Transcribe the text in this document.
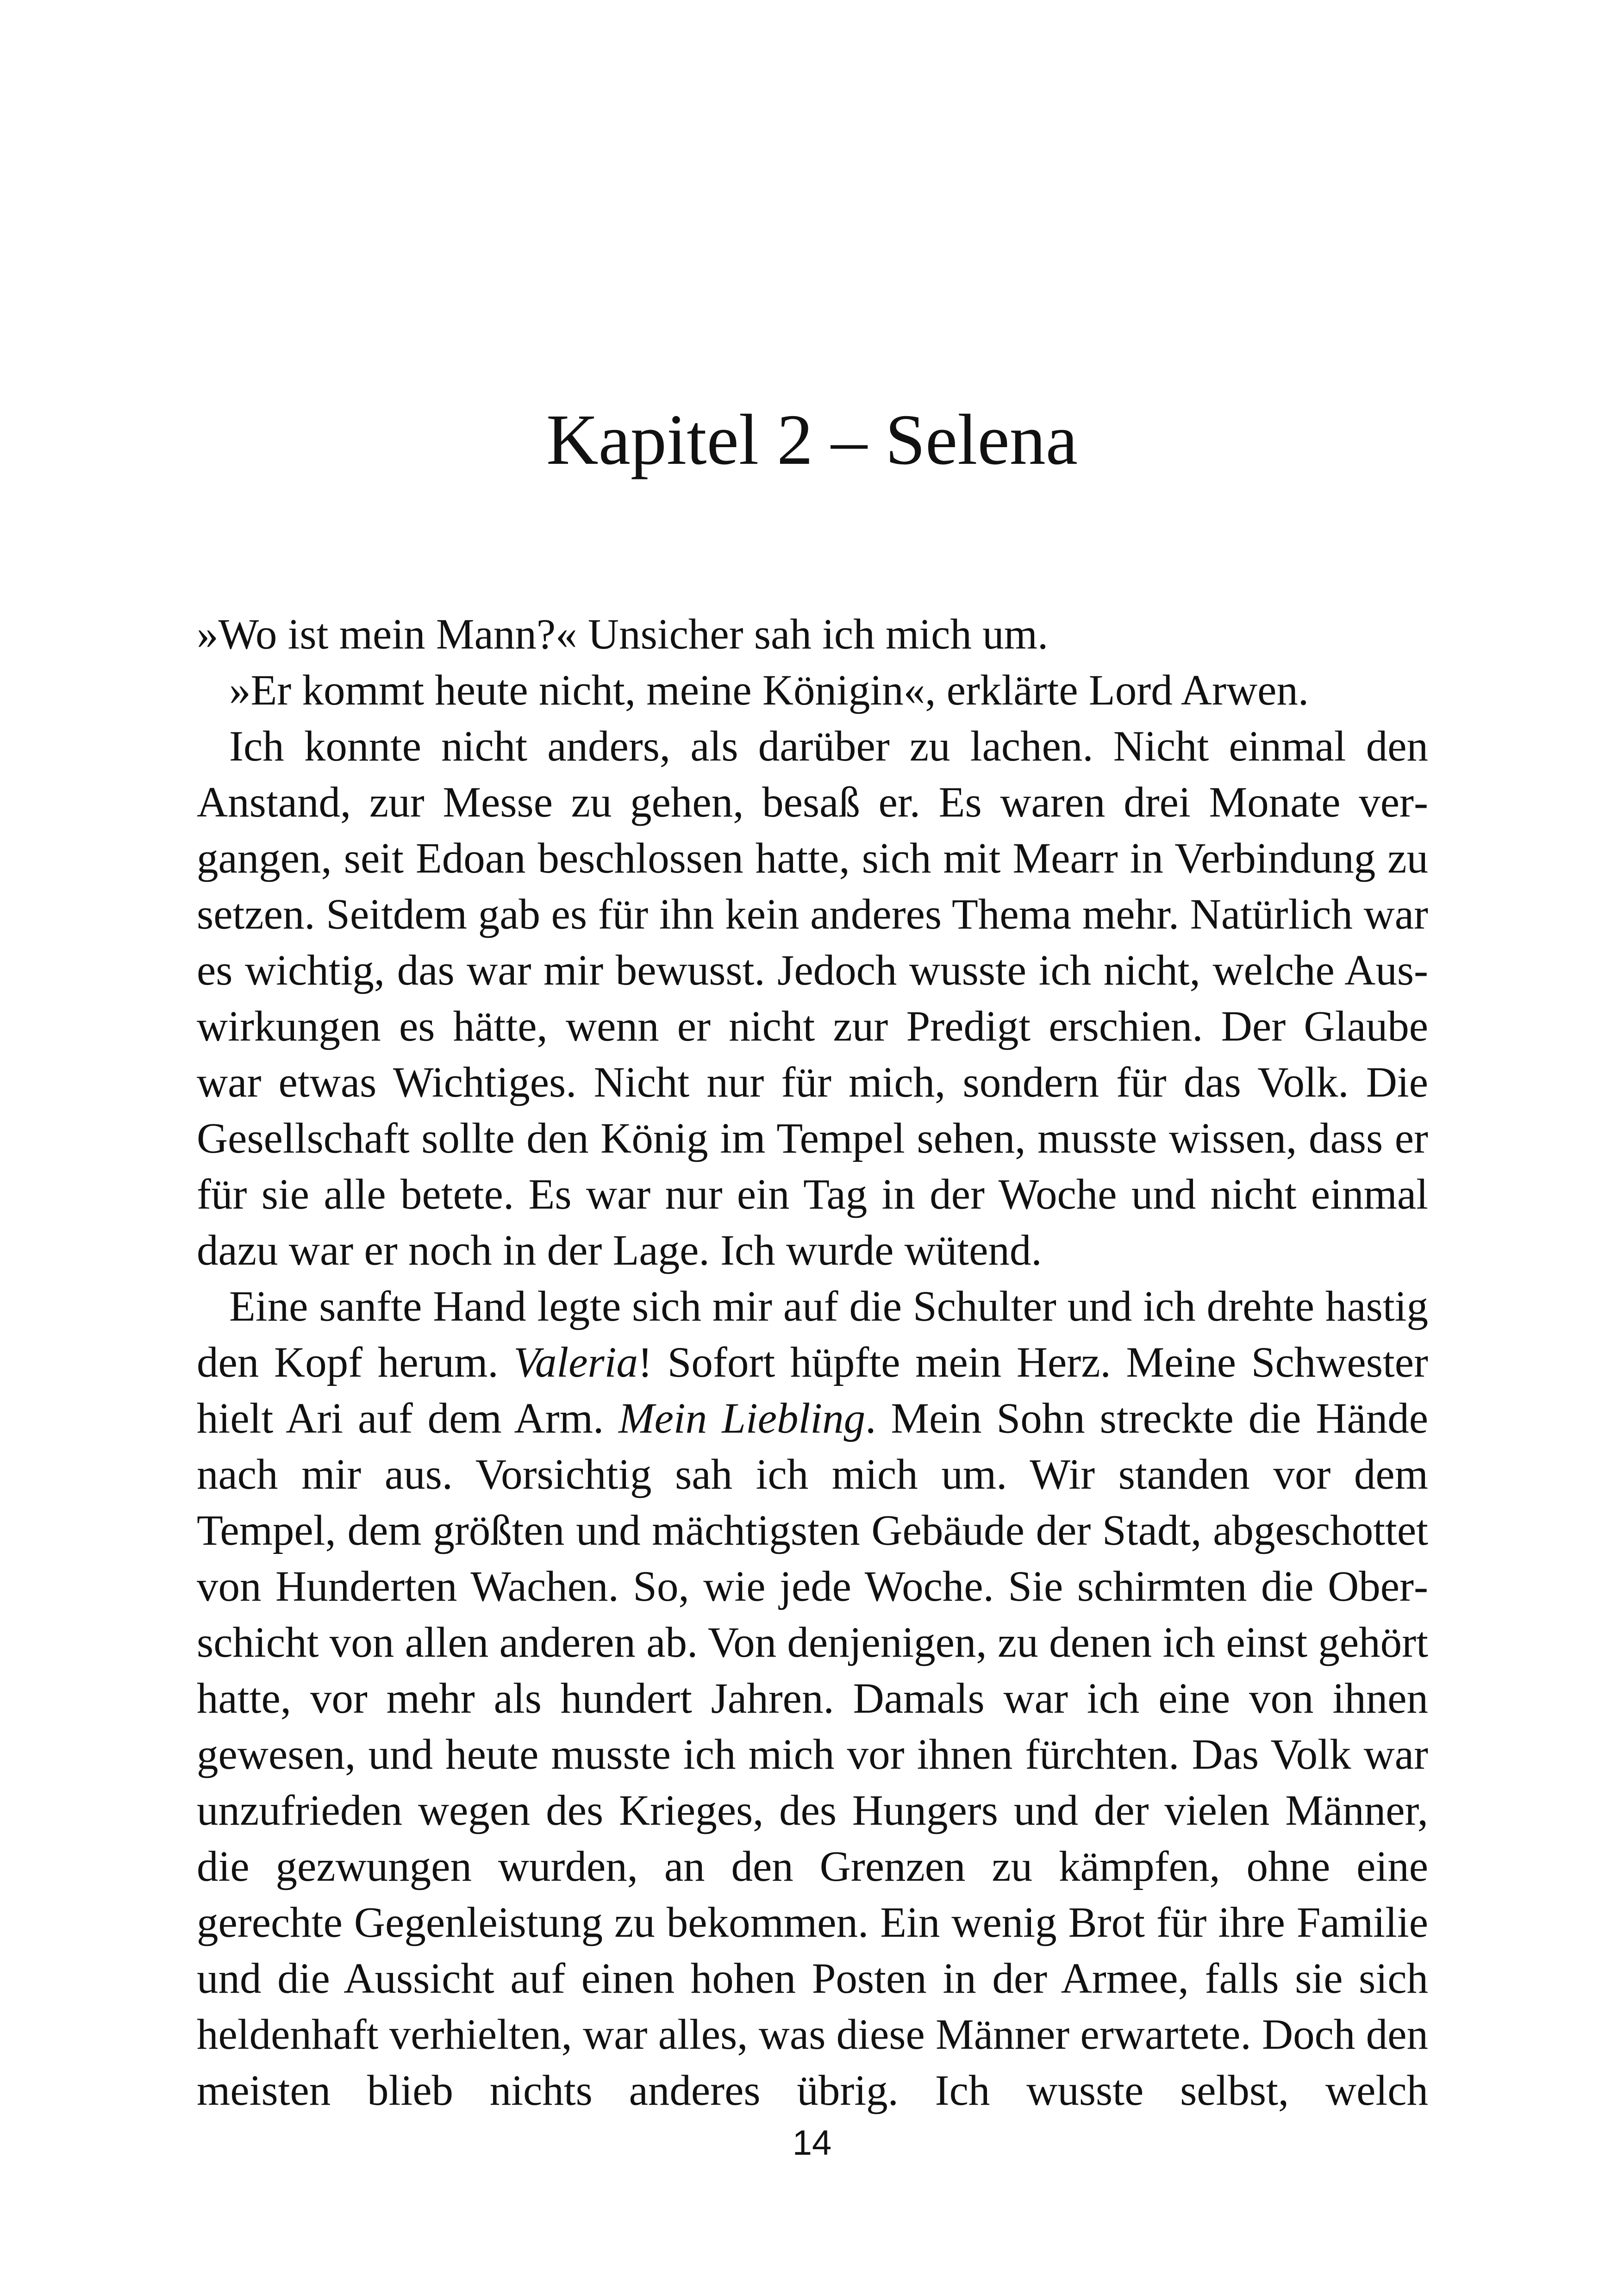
Kapitel 2 – Selena

»Wo ist mein Mann?« Unsicher sah ich mich um.

»Er kommt heute nicht, meine Königin«, erklärte Lord Arwen.

Ich konnte nicht anders, als darüber zu lachen. Nicht einmal den Anstand, zur Messe zu gehen, besaß er. Es waren drei Monate vergangen, seit Edoan beschlossen hatte, sich mit Mearr in Verbindung zu setzen. Seitdem gab es für ihn kein anderes Thema mehr. Natürlich war es wichtig, das war mir bewusst. Jedoch wusste ich nicht, welche Auswirkungen es hätte, wenn er nicht zur Predigt erschien. Der Glaube war etwas Wichtiges. Nicht nur für mich, sondern für das Volk. Die Gesellschaft sollte den König im Tempel sehen, musste wissen, dass er für sie alle betete. Es war nur ein Tag in der Woche und nicht einmal dazu war er noch in der Lage. Ich wurde wütend.

Eine sanfte Hand legte sich mir auf die Schulter und ich drehte hastig den Kopf herum. Valeria! Sofort hüpfte mein Herz. Meine Schwester hielt Ari auf dem Arm. Mein Liebling. Mein Sohn streckte die Hände nach mir aus. Vorsichtig sah ich mich um. Wir standen vor dem Tempel, dem größten und mächtigsten Gebäude der Stadt, abgeschottet von Hunderten Wachen. So, wie jede Woche. Sie schirmten die Oberschicht von allen anderen ab. Von denjenigen, zu denen ich einst gehört hatte, vor mehr als hundert Jahren. Damals war ich eine von ihnen gewesen, und heute musste ich mich vor ihnen fürchten. Das Volk war unzufrieden wegen des Krieges, des Hungers und der vielen Männer, die gezwungen wurden, an den Grenzen zu kämpfen, ohne eine gerechte Gegenleistung zu bekommen. Ein wenig Brot für ihre Familie und die Aussicht auf einen hohen Posten in der Armee, falls sie sich heldenhaft verhielten, war alles, was diese Männer erwartete. Doch den meisten blieb nichts anderes übrig. Ich wusste selbst, welch

14
